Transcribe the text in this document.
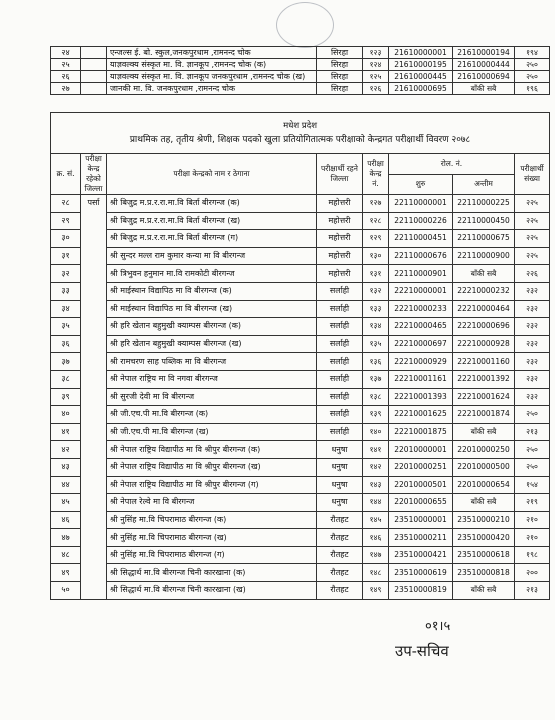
२४		एन्जल्स ई. बो. स्कुल,जनकपुरधाम ,रामनन्द चोक	सिरहा	१२३	21610000001	21610000194	१९४
२५		याज्ञवल्क्य संस्कृत मा. वि. ज्ञानकूप ,रामनन्द चोक (क)	सिरहा	१२४	21610000195	21610000444	२५०
२६		याज्ञवल्क्य संस्कृत मा. वि. ज्ञानकूप जनकपुरधाम ,रामनन्द चोक (ख)	सिरहा	१२५	21610000445	21610000694	२५०
२७		जानकी मा. वि. जनकपुरधाम ,रामनन्द चोक	सिरहा	१२६	21610000695	बाँकी सबै	१९६
मधेश प्रदेश
प्राथमिक तह, तृतीय श्रेणी, शिक्षक पदको खुला प्रतियोगितात्मक परीक्षाको केन्द्रगत परीक्षार्थी विवरण २०७८							

क्र. सं.	परीक्षा केन्द्र रहेको जिल्ला	परीक्षा केन्द्रको नाम र ठेगाना	परीक्षार्थी रहने जिल्ला	परीक्षा केन्द्र नं.	रोल. नं.		परीक्षार्थी संख्या
					शुरु	अन्तीम	
२८	पर्सा	श्री बिजुद्र म.प्र.र.रा.मा.वि बिर्ता बीरगन्ज (क)	महोत्तरी	१२७	22110000001	22110000225	२२५
२९		श्री बिजुद्र म.प्र.र.रा.मा.वि बिर्ता बीरगन्ज (ख)	महोत्तरी	१२८	22110000226	22110000450	२२५
३०		श्री बिजुद्र म.प्र.र.रा.मा.वि बिर्ता बीरगन्ज (ग)	महोत्तरी	१२९	22110000451	22110000675	२२५
३१		श्री सुन्दर मल्ल राम कुमार कन्या मा वि बीरगन्ज	महोत्तरी	१३०	22110000676	22110000900	२२५
३२		श्री त्रिभुवन हनुमान मा.वि रामकोटी बीरगन्ज	महोत्तरी	१३१	22110000901	बाँकी सबै	२२६
३३		श्री माईस्थान विद्यापिठ मा वि बीरगन्ज (क)	सर्लाही	१३२	22210000001	22210000232	२३२
३४		श्री माईस्थान विद्यापिठ मा वि बीरगन्ज (ख)	सर्लाही	१३३	22210000233	22210000464	२३२
३५		श्री हरि खेतान बहुमुखी क्याम्पस बीरगन्ज (क)	सर्लाही	१३४	22210000465	22210000696	२३२
३६		श्री हरि खेतान बहुमुखी क्याम्पस बीरगन्ज (ख)	सर्लाही	१३५	22210000697	22210000928	२३२
३७		श्री रामचरण साह पब्लिक मा वि बीरगन्ज	सर्लाही	१३६	22210000929	22210001160	२३२
३८		श्री नेपाल राष्ट्रिय मा वि नगवा बीरगन्ज	सर्लाही	१३७	22210001161	22210001392	२३२
३९		श्री सुरजी देवी मा वि बीरगन्ज	सर्लाही	१३८	22210001393	22210001624	२३२
४०		श्री जी.एच.पी मा.वि बीरगन्ज (क)	सर्लाही	१३९	22210001625	22210001874	२५०
४१		श्री जी.एच.पी मा.वि बीरगन्ज (ख)	सर्लाही	१४०	22210001875	बाँकी सबै	२१३
४२		श्री नेपाल राष्ट्रिय विद्यापीठ मा वि श्रीपुर बीरगन्ज (क)	धनुषा	१४१	22010000001	22010000250	२५०
४३		श्री नेपाल राष्ट्रिय विद्यापीठ मा वि श्रीपुर बीरगन्ज (ख)	धनुषा	१४२	22010000251	22010000500	२५०
४४		श्री नेपाल राष्ट्रिय विद्यापीठ मा वि श्रीपुर बीरगन्ज (ग)	धनुषा	१४३	22010000501	22010000654	१५४
४५		श्री नेपाल रेल्वे मा वि बीरगन्ज	धनुषा	१४४	22010000655	बाँकी सबै	२१९
४६		श्री नुसिंह मा.वि चिपरामाठ बीरगन्ज (क)	रौतहट	१४५	23510000001	23510000210	२१०
४७		श्री नुसिंह मा.वि चिपरामाठ बीरगन्ज (ख)	रौतहट	१४६	23510000211	23510000420	२१०
४८		श्री नुसिंह मा.वि चिपरामाठ बीरगन्ज (ग)	रौतहट	१४७	23510000421	23510000618	१९८
४९		श्री सिद्धार्थ मा.वि बीरगन्ज चिनी कारखाना (क)	रौतहट	१४८	23510000619	23510000818	२००
५०		श्री सिद्धार्थ मा.वि बीरगन्ज चिनी कारखाना (ख)	रौतहट	१४९	23510000819	बाँकी सबै	२१३
०१।५
उप-सचिव
